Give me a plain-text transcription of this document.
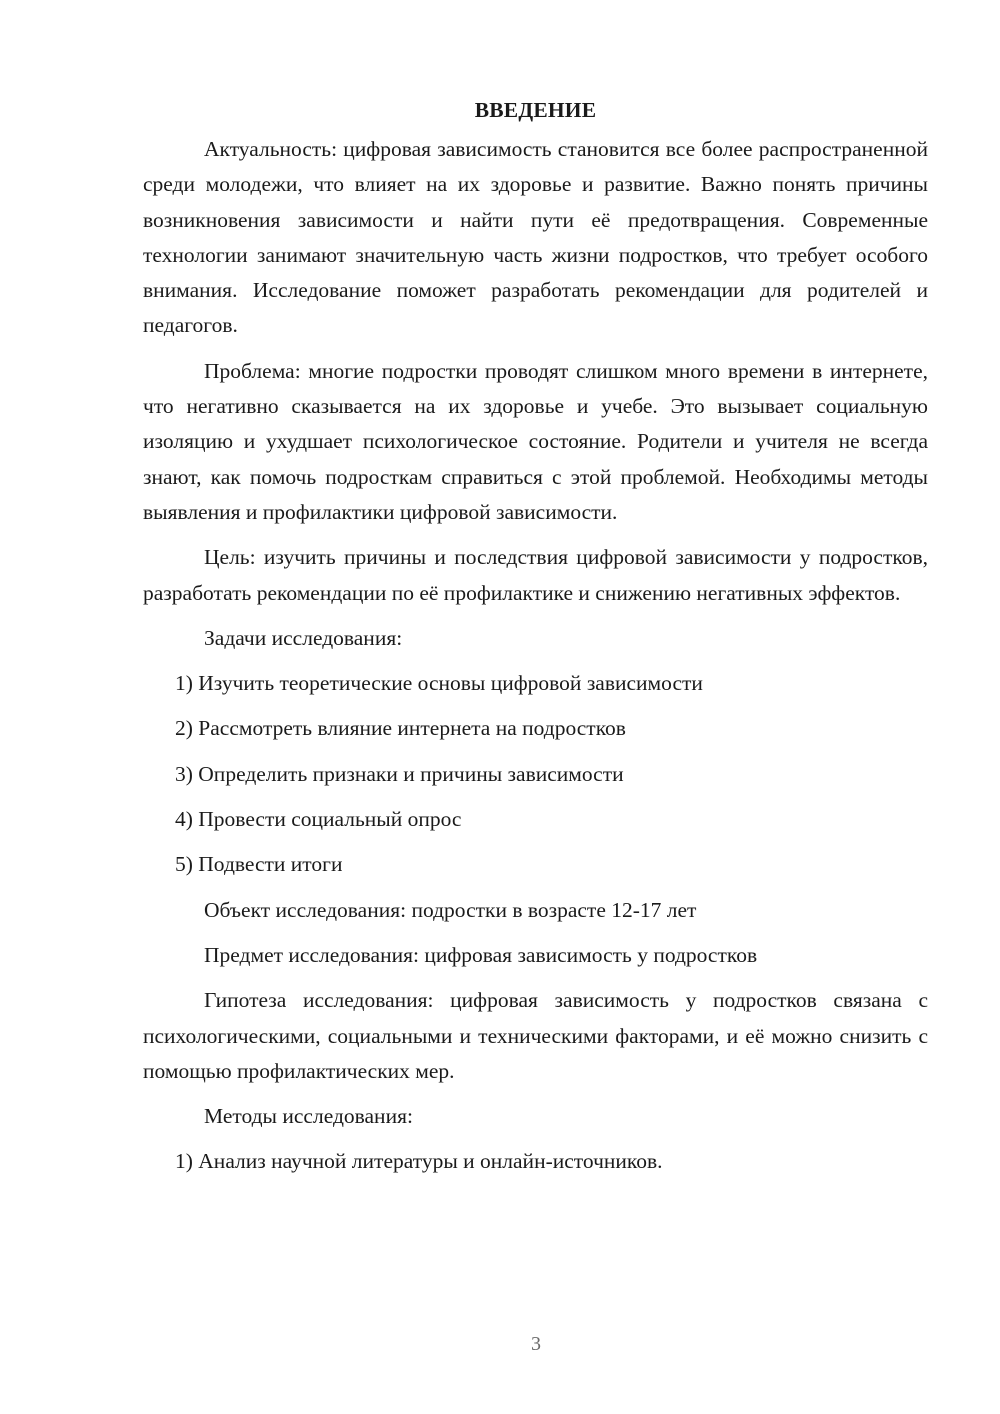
ВВЕДЕНИЕ

Актуальность: цифровая зависимость становится все более распространенной среди молодежи, что влияет на их здоровье и развитие. Важно понять причины возникновения зависимости и найти пути её предотвращения. Современные технологии занимают значительную часть жизни подростков, что требует особого внимания. Исследование поможет разработать рекомендации для родителей и педагогов.

Проблема: многие подростки проводят слишком много времени в интернете, что негативно сказывается на их здоровье и учебе. Это вызывает социальную изоляцию и ухудшает психологическое состояние. Родители и учителя не всегда знают, как помочь подросткам справиться с этой проблемой. Необходимы методы выявления и профилактики цифровой зависимости.

Цель: изучить причины и последствия цифровой зависимости у подростков, разработать рекомендации по её профилактике и снижению негативных эффектов.

Задачи исследования:

1) Изучить теоретические основы цифровой зависимости

2) Рассмотреть влияние интернета на подростков

3) Определить признаки и причины зависимости

4) Провести социальный опрос

5) Подвести итоги

Объект исследования: подростки в возрасте 12-17 лет

Предмет исследования: цифровая зависимость у подростков

Гипотеза исследования: цифровая зависимость у подростков связана с психологическими, социальными и техническими факторами, и её можно снизить с помощью профилактических мер.

Методы исследования:

1) Анализ научной литературы и онлайн-источников.

3
